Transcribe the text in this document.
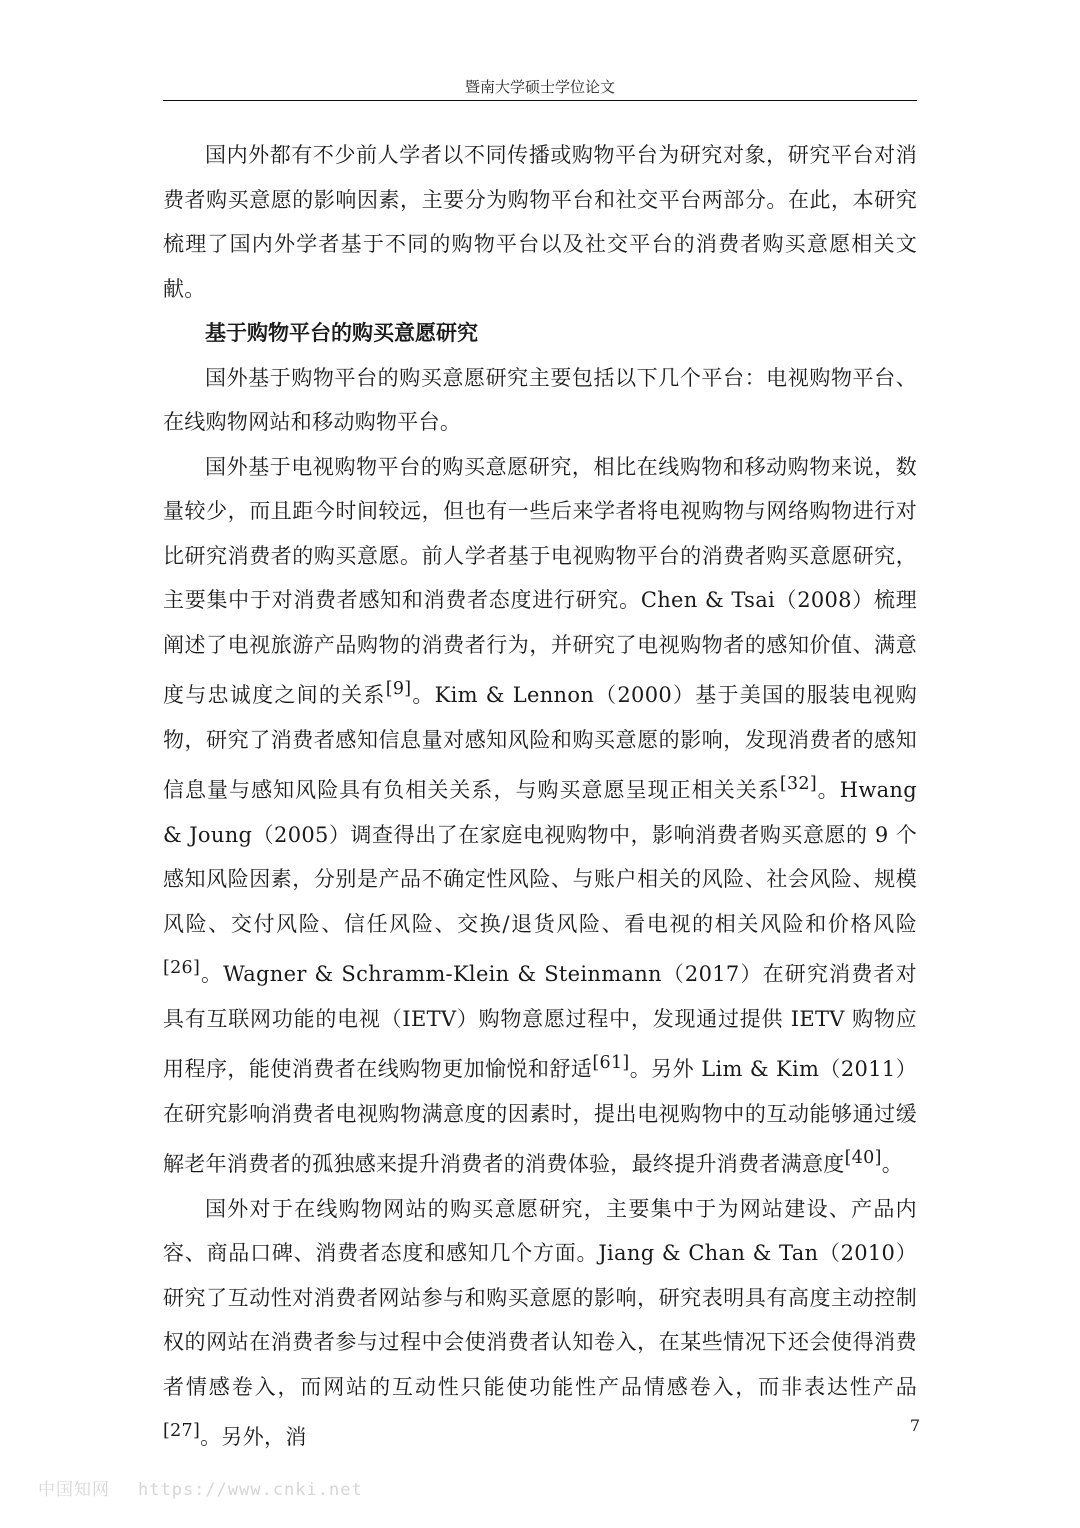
暨南大学硕士学位论文

国内外都有不少前人学者以不同传播或购物平台为研究对象，研究平台对消费者购买意愿的影响因素，主要分为购物平台和社交平台两部分。在此，本研究梳理了国内外学者基于不同的购物平台以及社交平台的消费者购买意愿相关文献。

基于购物平台的购买意愿研究

国外基于购物平台的购买意愿研究主要包括以下几个平台：电视购物平台、在线购物网站和移动购物平台。

国外基于电视购物平台的购买意愿研究，相比在线购物和移动购物来说，数量较少，而且距今时间较远，但也有一些后来学者将电视购物与网络购物进行对比研究消费者的购买意愿。前人学者基于电视购物平台的消费者购买意愿研究，主要集中于对消费者感知和消费者态度进行研究。Chen & Tsai（2008）梳理阐述了电视旅游产品购物的消费者行为，并研究了电视购物者的感知价值、满意度与忠诚度之间的关系[9]。Kim & Lennon（2000）基于美国的服装电视购物，研究了消费者感知信息量对感知风险和购买意愿的影响，发现消费者的感知信息量与感知风险具有负相关关系，与购买意愿呈现正相关关系[32]。Hwang & Joung（2005）调查得出了在家庭电视购物中，影响消费者购买意愿的 9 个感知风险因素，分别是产品不确定性风险、与账户相关的风险、社会风险、规模风险、交付风险、信任风险、交换/退货风险、看电视的相关风险和价格风险[26]。Wagner & Schramm-Klein & Steinmann（2017）在研究消费者对具有互联网功能的电视（IETV）购物意愿过程中，发现通过提供 IETV 购物应用程序，能使消费者在线购物更加愉悦和舒适[61]。另外 Lim & Kim（2011）在研究影响消费者电视购物满意度的因素时，提出电视购物中的互动能够通过缓解老年消费者的孤独感来提升消费者的消费体验，最终提升消费者满意度[40]。

国外对于在线购物网站的购买意愿研究，主要集中于为网站建设、产品内容、商品口碑、消费者态度和感知几个方面。Jiang & Chan & Tan（2010）研究了互动性对消费者网站参与和购买意愿的影响，研究表明具有高度主动控制权的网站在消费者参与过程中会使消费者认知卷入，在某些情况下还会使得消费者情感卷入，而网站的互动性只能使功能性产品情感卷入，而非表达性产品[27]。另外，消	7
中国知网 https://www.cnki.net
